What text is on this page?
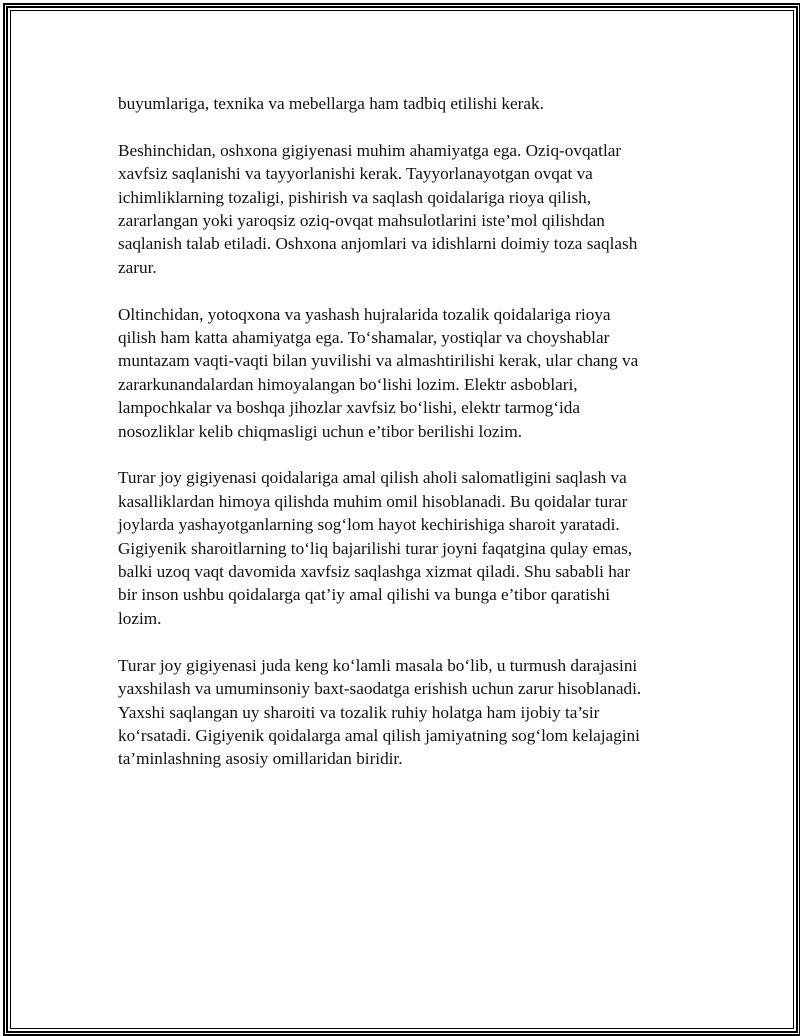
buyumlariga, texnika va mebellarga ham tadbiq etilishi kerak.

Beshinchidan, oshxona gigiyenasi muhim ahamiyatga ega. Oziq-ovqatlar
xavfsiz saqlanishi va tayyorlanishi kerak. Tayyorlanayotgan ovqat va
ichimliklarning tozaligi, pishirish va saqlash qoidalariga rioya qilish,
zararlangan yoki yaroqsiz oziq-ovqat mahsulotlarini iste’mol qilishdan
saqlanish talab etiladi. Oshxona anjomlari va idishlarni doimiy toza saqlash
zarur.

Oltinchidan, yotoqxona va yashash hujralarida tozalik qoidalariga rioya
qilish ham katta ahamiyatga ega. To‘shamalar, yostiqlar va choyshablar
muntazam vaqti-vaqti bilan yuvilishi va almashtirilishi kerak, ular chang va
zararkunandalardan himoyalangan bo‘lishi lozim. Elektr asboblari,
lampochkalar va boshqa jihozlar xavfsiz bo‘lishi, elektr tarmog‘ida
nosozliklar kelib chiqmasligi uchun e’tibor berilishi lozim.

Turar joy gigiyenasi qoidalariga amal qilish aholi salomatligini saqlash va
kasalliklardan himoya qilishda muhim omil hisoblanadi. Bu qoidalar turar
joylarda yashayotganlarning sog‘lom hayot kechirishiga sharoit yaratadi.
Gigiyenik sharoitlarning to‘liq bajarilishi turar joyni faqatgina qulay emas,
balki uzoq vaqt davomida xavfsiz saqlashga xizmat qiladi. Shu sababli har
bir inson ushbu qoidalarga qat’iy amal qilishi va bunga e’tibor qaratishi
lozim.

Turar joy gigiyenasi juda keng ko‘lamli masala bo‘lib, u turmush darajasini
yaxshilash va umuminsoniy baxt-saodatga erishish uchun zarur hisoblanadi.
Yaxshi saqlangan uy sharoiti va tozalik ruhiy holatga ham ijobiy ta’sir
ko‘rsatadi. Gigiyenik qoidalarga amal qilish jamiyatning sog‘lom kelajagini
ta’minlashning asosiy omillaridan biridir.
